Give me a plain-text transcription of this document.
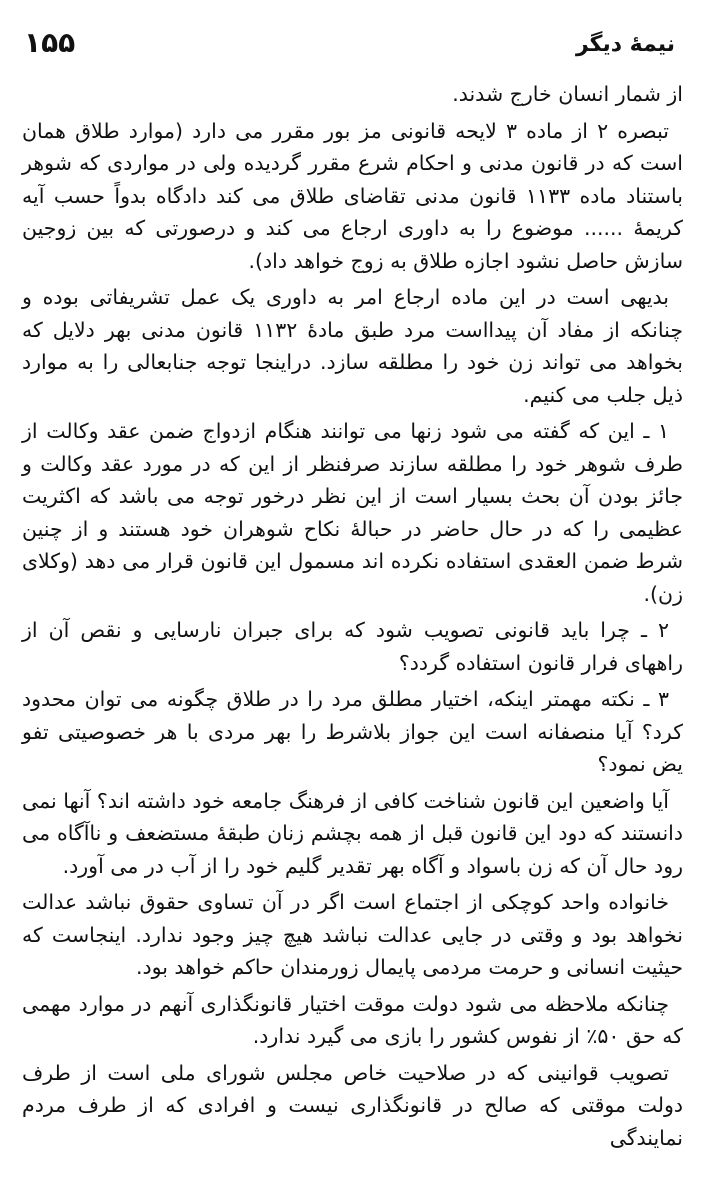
نیمهٔ دیگر
۱۵۵

از شمار انسان خارج شدند.

تبصره ۲ از ماده ۳ لایحه قانونی مز بور مقرر می دارد (موارد طلاق همان است که در قانون مدنی و احکام شرع مقرر گردیده ولی در مواردی که شوهر باستناد ماده ۱۱۳۳ قانون مدنی تقاضای طلاق می کند دادگاه بدواً حسب آیه کریمهٔ ...... موضوع را به داوری ارجاع می کند و درصورتی که بین زوجین سازش حاصل نشود اجازه طلاق به زوج خواهد داد).

بدیهی است در این ماده ارجاع امر به داوری یک عمل تشریفاتی بوده و چنانکه از مفاد آن پیدااست مرد طبق مادهٔ ۱۱۳۲ قانون مدنی بهر دلایل که بخواهد می تواند زن خود را مطلقه سازد. دراینجا توجه جنابعالی را به موارد ذیل جلب می کنیم.

۱ ـ این که گفته می شود زنها می توانند هنگام ازدواج ضمن عقد وکالت از طرف شوهر خود را مطلقه سازند صرفنظر از این که در مورد عقد وکالت و جائز بودن آن بحث بسیار است از این نظر درخور توجه می باشد که اکثریت عظیمی را که در حال حاضر در حبالهٔ نکاح شوهران خود هستند و از چنین شرط ضمن العقدی استفاده نکرده اند مسمول این قانون قرار می دهد (وکلای زن).

۲ ـ چرا باید قانونی تصویب شود که برای جبران نارسایی و نقص آن از راههای فرار قانون استفاده گردد؟

۳ ـ نکته مهمتر اینکه، اختیار مطلق مرد را در طلاق چگونه می توان محدود کرد؟ آیا منصفانه است این جواز بلاشرط را بهر مردی با هر خصوصیتی تفو یض نمود؟

آیا واضعین این قانون شناخت کافی از فرهنگ جامعه خود داشته اند؟ آنها نمی دانستند که دود این قانون قبل از همه بچشم زنان طبقهٔ مستضعف و ناآگاه می رود حال آن که زن باسواد و آگاه بهر تقدیر گلیم خود را از آب در می آورد.

خانواده واحد کوچکی از اجتماع است اگر در آن تساوی حقوق نباشد عدالت نخواهد بود و وقتی در جایی عدالت نباشد هیچ چیز وجود ندارد. اینجاست که حیثیت انسانی و حرمت مردمی پایمال زورمندان حاکم خواهد بود.

چنانکه ملاحظه می شود دولت موقت اختیار قانونگذاری آنهم در موارد مهمی که حق ۵۰٪ از نفوس کشور را بازی می گیرد ندارد.

تصویب قوانینی که در صلاحیت خاص مجلس شورای ملی است از طرف دولت موقتی که صالح در قانونگذاری نیست و افرادی که از طرف مردم نمایندگی
